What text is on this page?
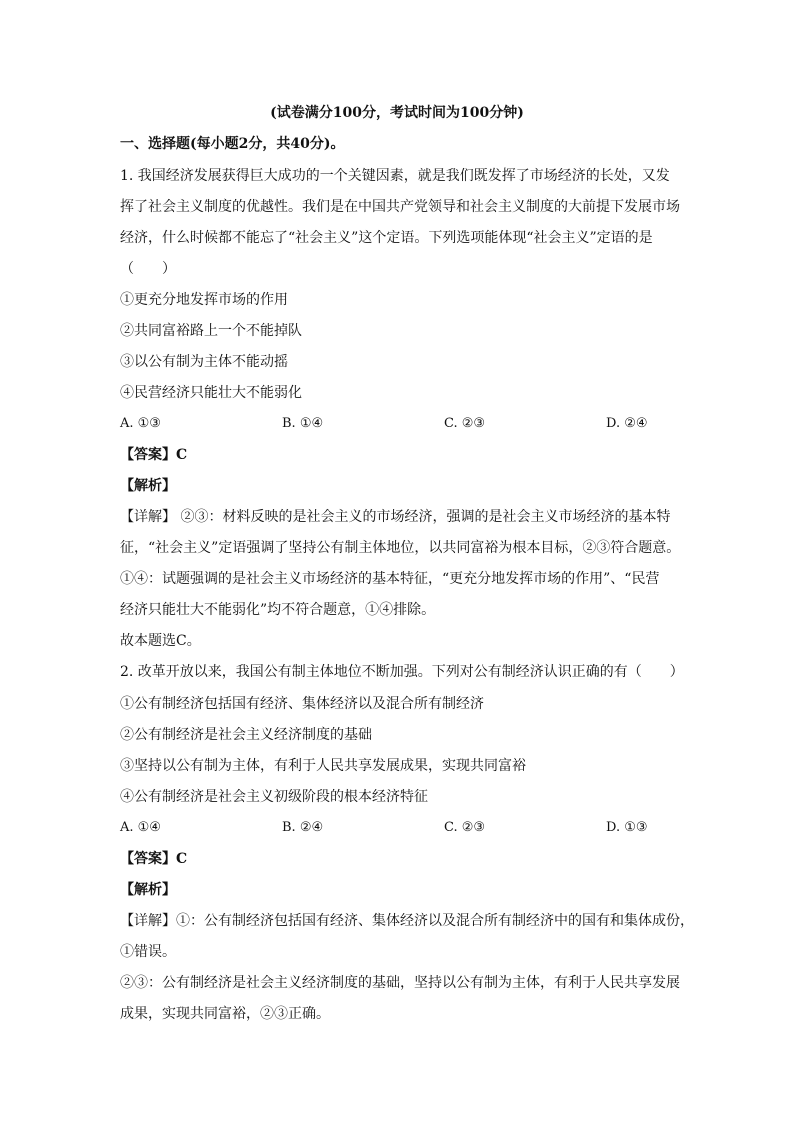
(试卷满分100分，考试时间为100分钟)
一、选择题(每小题2分，共40分)。
1. 我国经济发展获得巨大成功的一个关键因素，就是我们既发挥了市场经济的长处，又发
挥了社会主义制度的优越性。我们是在中国共产党领导和社会主义制度的大前提下发展市场
经济，什么时候都不能忘了“社会主义”这个定语。下列选项能体现“社会主义”定语的是
（　　）
①更充分地发挥市场的作用
②共同富裕路上一个不能掉队
③以公有制为主体不能动摇
④民营经济只能壮大不能弱化
A. ①③	B. ①④	C. ②③	D. ②④
【答案】C
【解析】
【详解】 ②③：材料反映的是社会主义的市场经济，强调的是社会主义市场经济的基本特
征，“社会主义”定语强调了坚持公有制主体地位，以共同富裕为根本目标，②③符合题意。
①④：试题强调的是社会主义市场经济的基本特征，“更充分地发挥市场的作用”、“民营
经济只能壮大不能弱化”均不符合题意，①④排除。
故本题选C。
2. 改革开放以来，我国公有制主体地位不断加强。下列对公有制经济认识正确的有（　　）
①公有制经济包括国有经济、集体经济以及混合所有制经济
②公有制经济是社会主义经济制度的基础
③坚持以公有制为主体，有利于人民共享发展成果，实现共同富裕
④公有制经济是社会主义初级阶段的根本经济特征
A. ①④	B. ②④	C. ②③	D. ①③
【答案】C
【解析】
【详解】①：公有制经济包括国有经济、集体经济以及混合所有制经济中的国有和集体成份，
①错误。
②③：公有制经济是社会主义经济制度的基础，坚持以公有制为主体，有利于人民共享发展
成果，实现共同富裕，②③正确。
